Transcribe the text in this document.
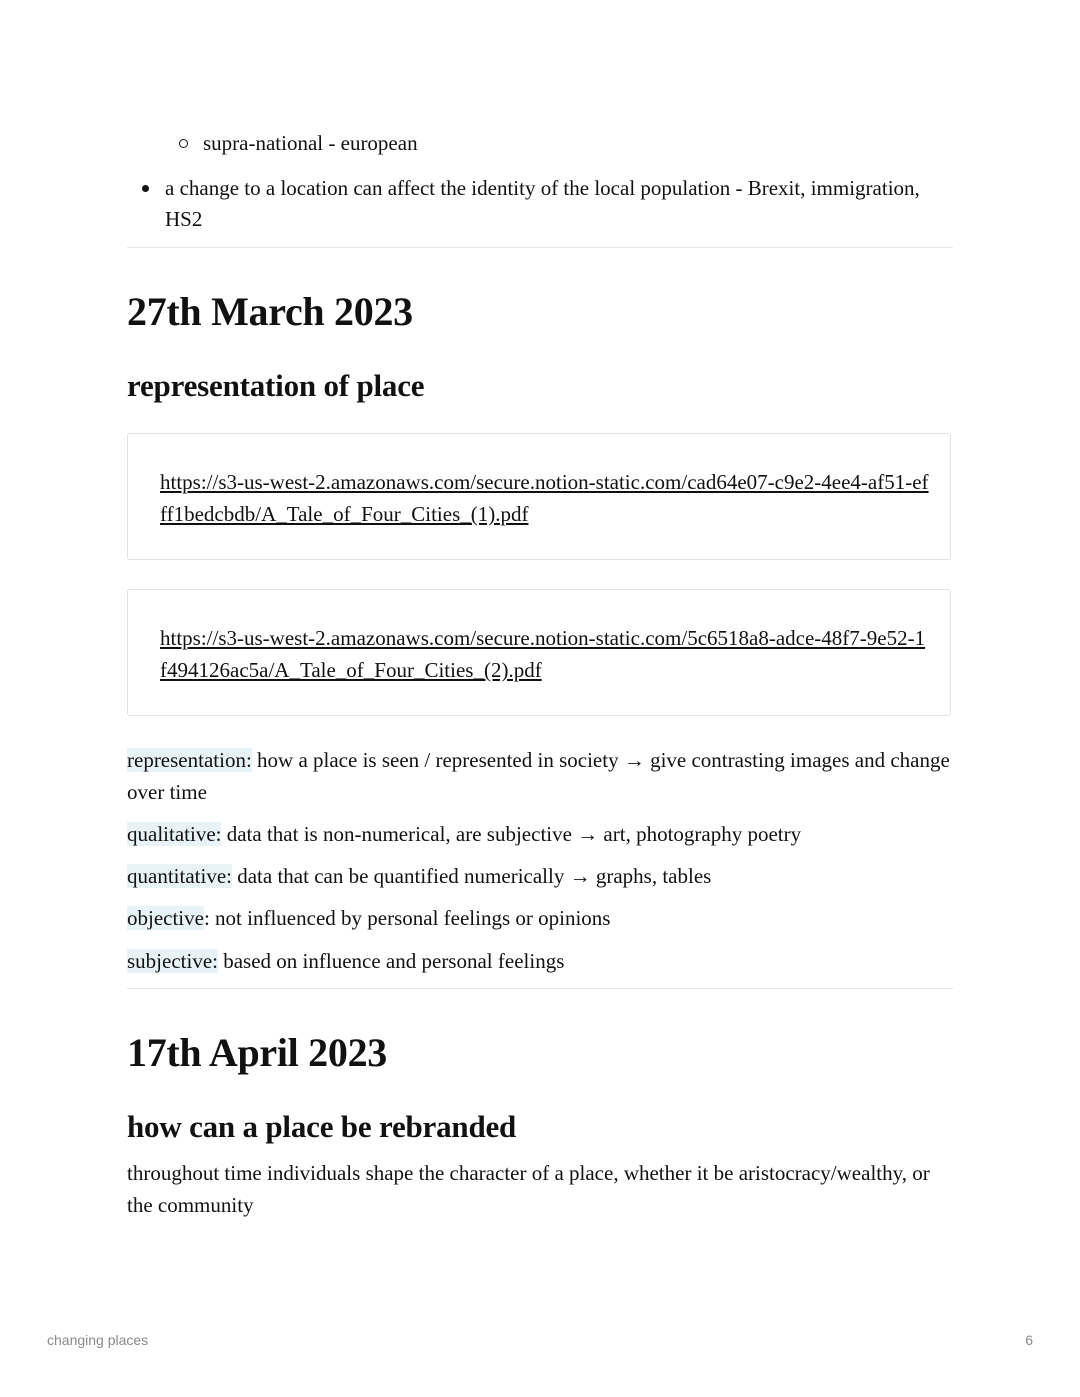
supra-national - european
a change to a location can affect the identity of the local population - Brexit, immigration, HS2
27th March 2023
representation of place
https://s3-us-west-2.amazonaws.com/secure.notion-static.com/cad64e07-c9e2-4ee4-af51-efff1bedcbdb/A_Tale_of_Four_Cities_(1).pdf
https://s3-us-west-2.amazonaws.com/secure.notion-static.com/5c6518a8-adce-48f7-9e52-1f494126ac5a/A_Tale_of_Four_Cities_(2).pdf

representation: how a place is seen / represented in society → give contrasting images and change over time

qualitative: data that is non-numerical, are subjective → art, photography poetry

quantitative: data that can be quantified numerically → graphs, tables

objective: not influenced by personal feelings or opinions

subjective: based on influence and personal feelings

17th April 2023
how can a place be rebranded

throughout time individuals shape the character of a place, whether it be aristocracy/wealthy, or the community

changing places	6
